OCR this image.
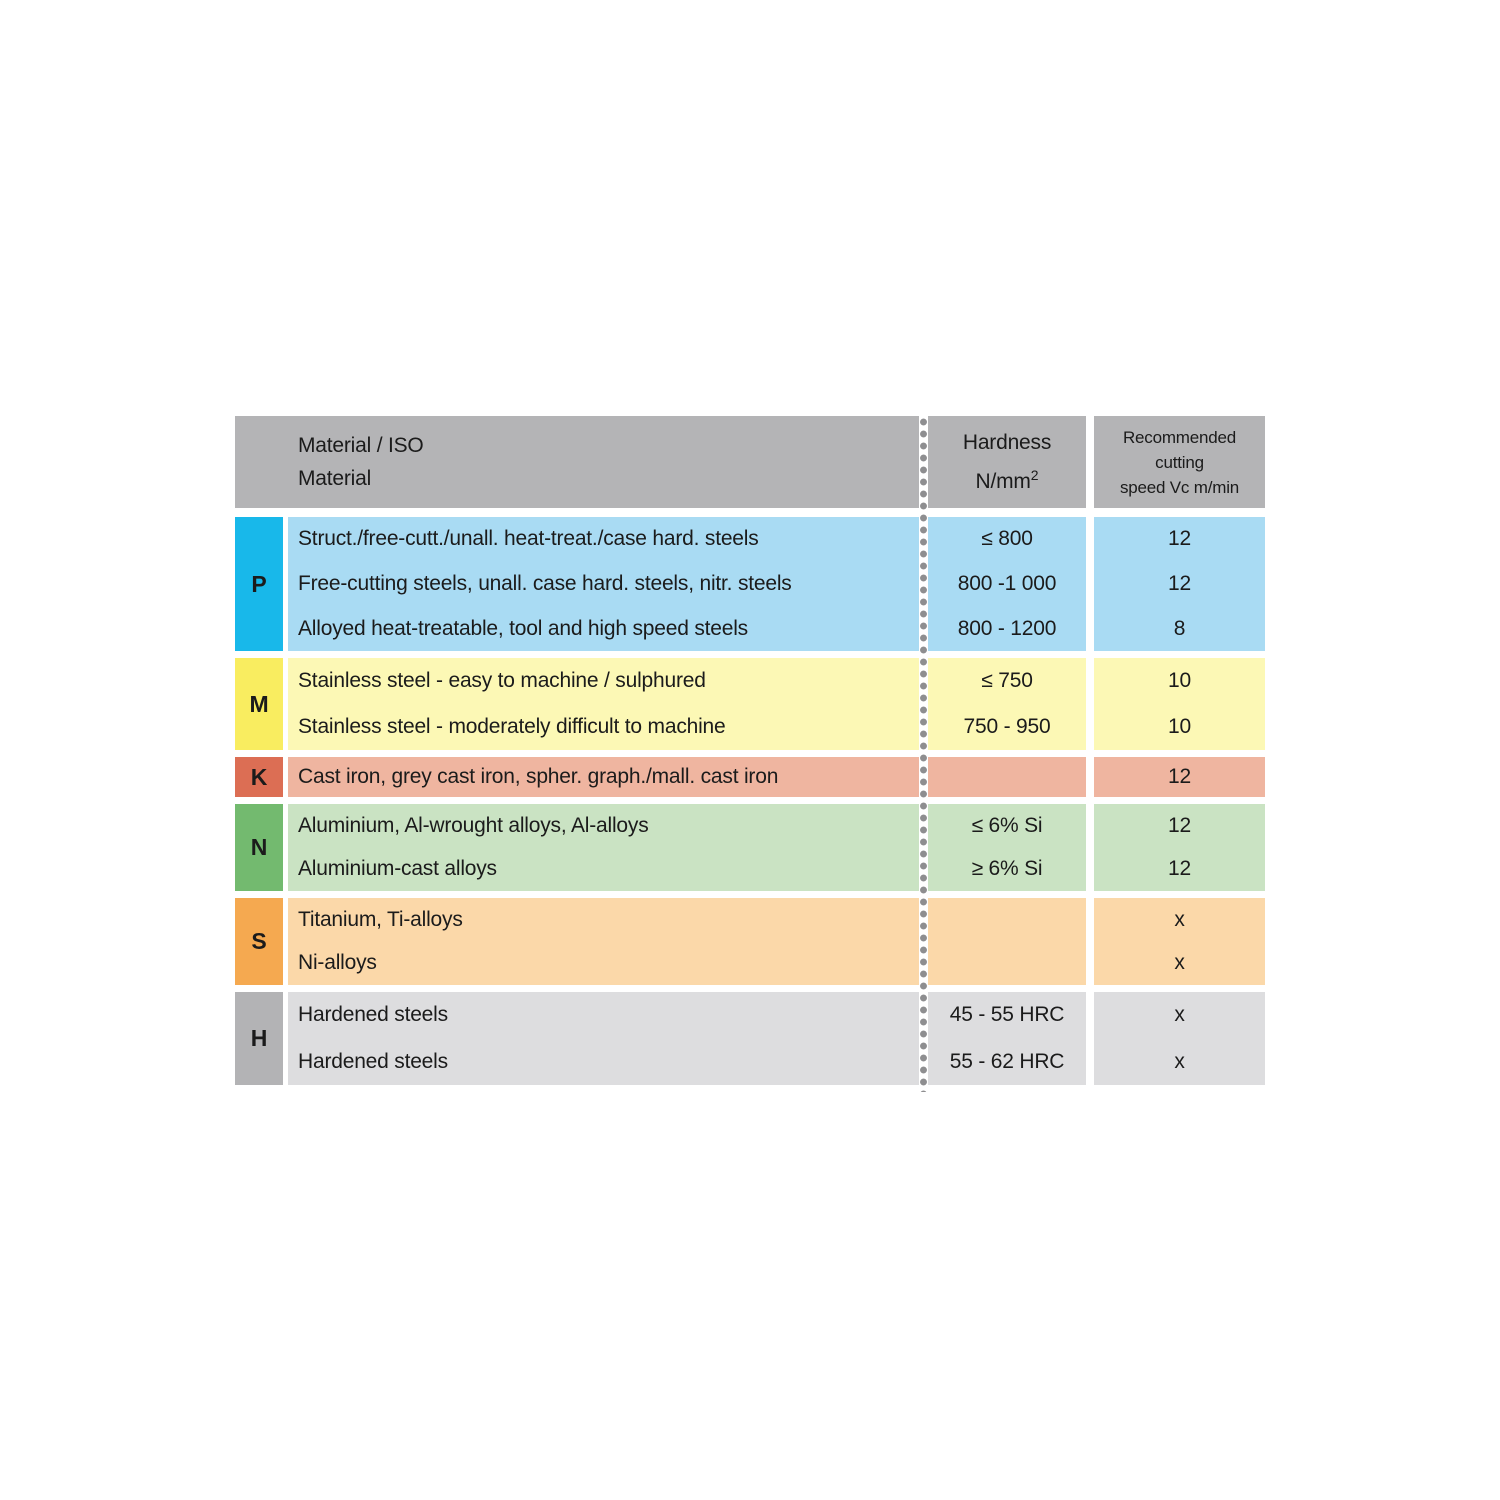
Material / ISO
Material
Hardness
$N/mm^2$
Recommended
cutting
speed Vc m/min
P
Struct./free-cutt./unall. heat-treat./case hard. steels
Free-cutting steels, unall. case hard. steels, nitr. steels
Alloyed heat-treatable, tool and high speed steels
≤ 800
800 -1 000
800 - 1200
12
12
8
M
Stainless steel - easy to machine / sulphured
Stainless steel - moderately difficult to machine
≤ 750
750 - 950
10
10
K	Cast iron, grey cast iron, spher. graph./mall. cast iron	12
N
Aluminium, Al-wrought alloys, Al-alloys
Aluminium-cast alloys
≤ 6% Si
≥ 6% Si
12
12
S
Titanium, Ti-alloys
Ni-alloys
x
x
H
Hardened steels
Hardened steels
45 - 55 HRC
55 - 62 HRC
x
x
